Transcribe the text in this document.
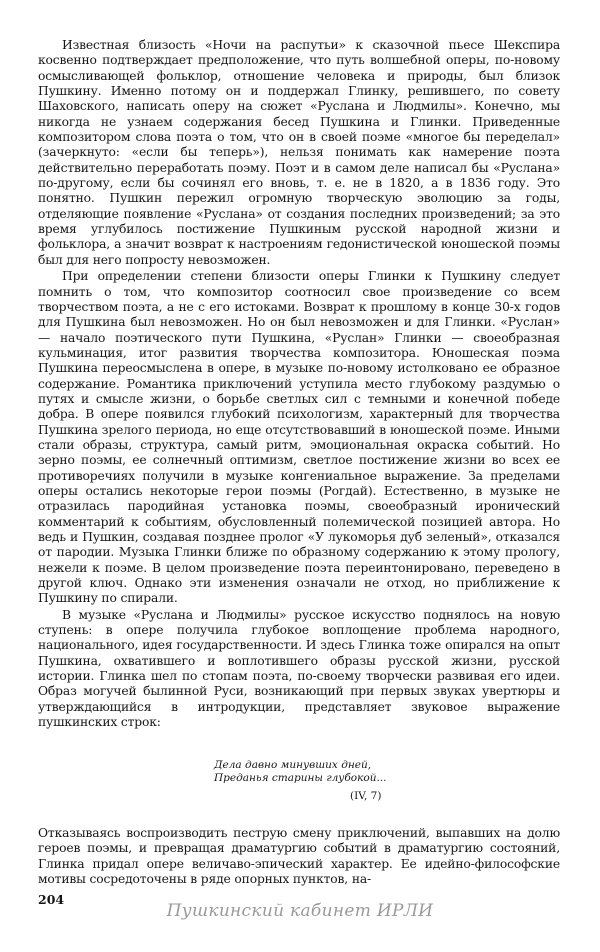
Известная близость «Ночи на распутьи» к сказочной пьесе Шекспира косвенно подтверждает предположение, что путь волшебной оперы, по-новому осмысливающей фольклор, отношение человека и природы, был близок Пушкину. Именно потому он и поддержал Глинку, решившего, по совету Шаховского, написать оперу на сюжет «Руслана и Людмилы». Конечно, мы никогда не узнаем содержания бесед Пушкина и Глинки. Приведенные композитором слова поэта о том, что он в своей поэме «многое бы переделал» (зачеркнуто: «если бы теперь»), нельзя понимать как намерение поэта действительно переработать поэму. Поэт и в самом деле написал бы «Руслана» по-другому, если бы сочинял его вновь, т. е. не в 1820, а в 1836 году. Это понятно. Пушкин пережил огромную творческую эволюцию за годы, отделяющие появление «Руслана» от создания последних произведений; за это время углубилось постижение Пушкиным русской народной жизни и фольклора, а значит возврат к настроениям гедонистической юношеской поэмы был для него попросту невозможен.

При определении степени близости оперы Глинки к Пушкину следует помнить о том, что композитор соотносил свое произведение со всем творчеством поэта, а не с его истоками. Возврат к прошлому в конце 30-х годов для Пушкина был невозможен. Но он был невозможен и для Глинки. «Руслан» — начало поэтического пути Пушкина, «Руслан» Глинки — своеобразная кульминация, итог развития творчества композитора. Юношеская поэма Пушкина переосмыслена в опере, в музыке по-новому истолковано ее образное содержание. Романтика приключений уступила место глубокому раздумью о путях и смысле жизни, о борьбе светлых сил с темными и конечной победе добра. В опере появился глубокий психологизм, характерный для творчества Пушкина зрелого периода, но еще отсутствовавший в юношеской поэме. Иными стали образы, структура, самый ритм, эмоциональная окраска событий. Но зерно поэмы, ее солнечный оптимизм, светлое постижение жизни во всех ее противоречиях получили в музыке конгениальное выражение. За пределами оперы остались некоторые герои поэмы (Рогдай). Естественно, в музыке не отразилась пародийная установка поэмы, своеобразный иронический комментарий к событиям, обусловленный полемической позицией автора. Но ведь и Пушкин, создавая позднее пролог «У лукоморья дуб зеленый», отказался от пародии. Музыка Глинки ближе по образному содержанию к этому прологу, нежели к поэме. В целом произведение поэта переинтонировано, переведено в другой ключ. Однако эти изменения означали не отход, но приближение к Пушкину по спирали.

В музыке «Руслана и Людмилы» русское искусство поднялось на новую ступень: в опере получила глубокое воплощение проблема народного, национального, идея государственности. И здесь Глинка тоже опирался на опыт Пушкина, охватившего и воплотившего образы русской жизни, русской истории. Глинка шел по стопам поэта, по-своему творчески развивая его идеи. Образ могучей былинной Руси, возникающий при первых звуках увертюры и утверждающийся в интродукции, представляет звуковое выражение пушкинских строк:

Дела давно минувших дней,
Преданья старины глубокой...
(IV, 7)

Отказываясь воспроизводить пеструю смену приключений, выпавших на долю героев поэмы, и превращая драматургию событий в драматургию состояний, Глинка придал опере величаво-эпический характер. Ее идейно-философские мотивы сосредоточены в ряде опорных пунктов, на-

204
Пушкинский кабинет ИРЛИ
